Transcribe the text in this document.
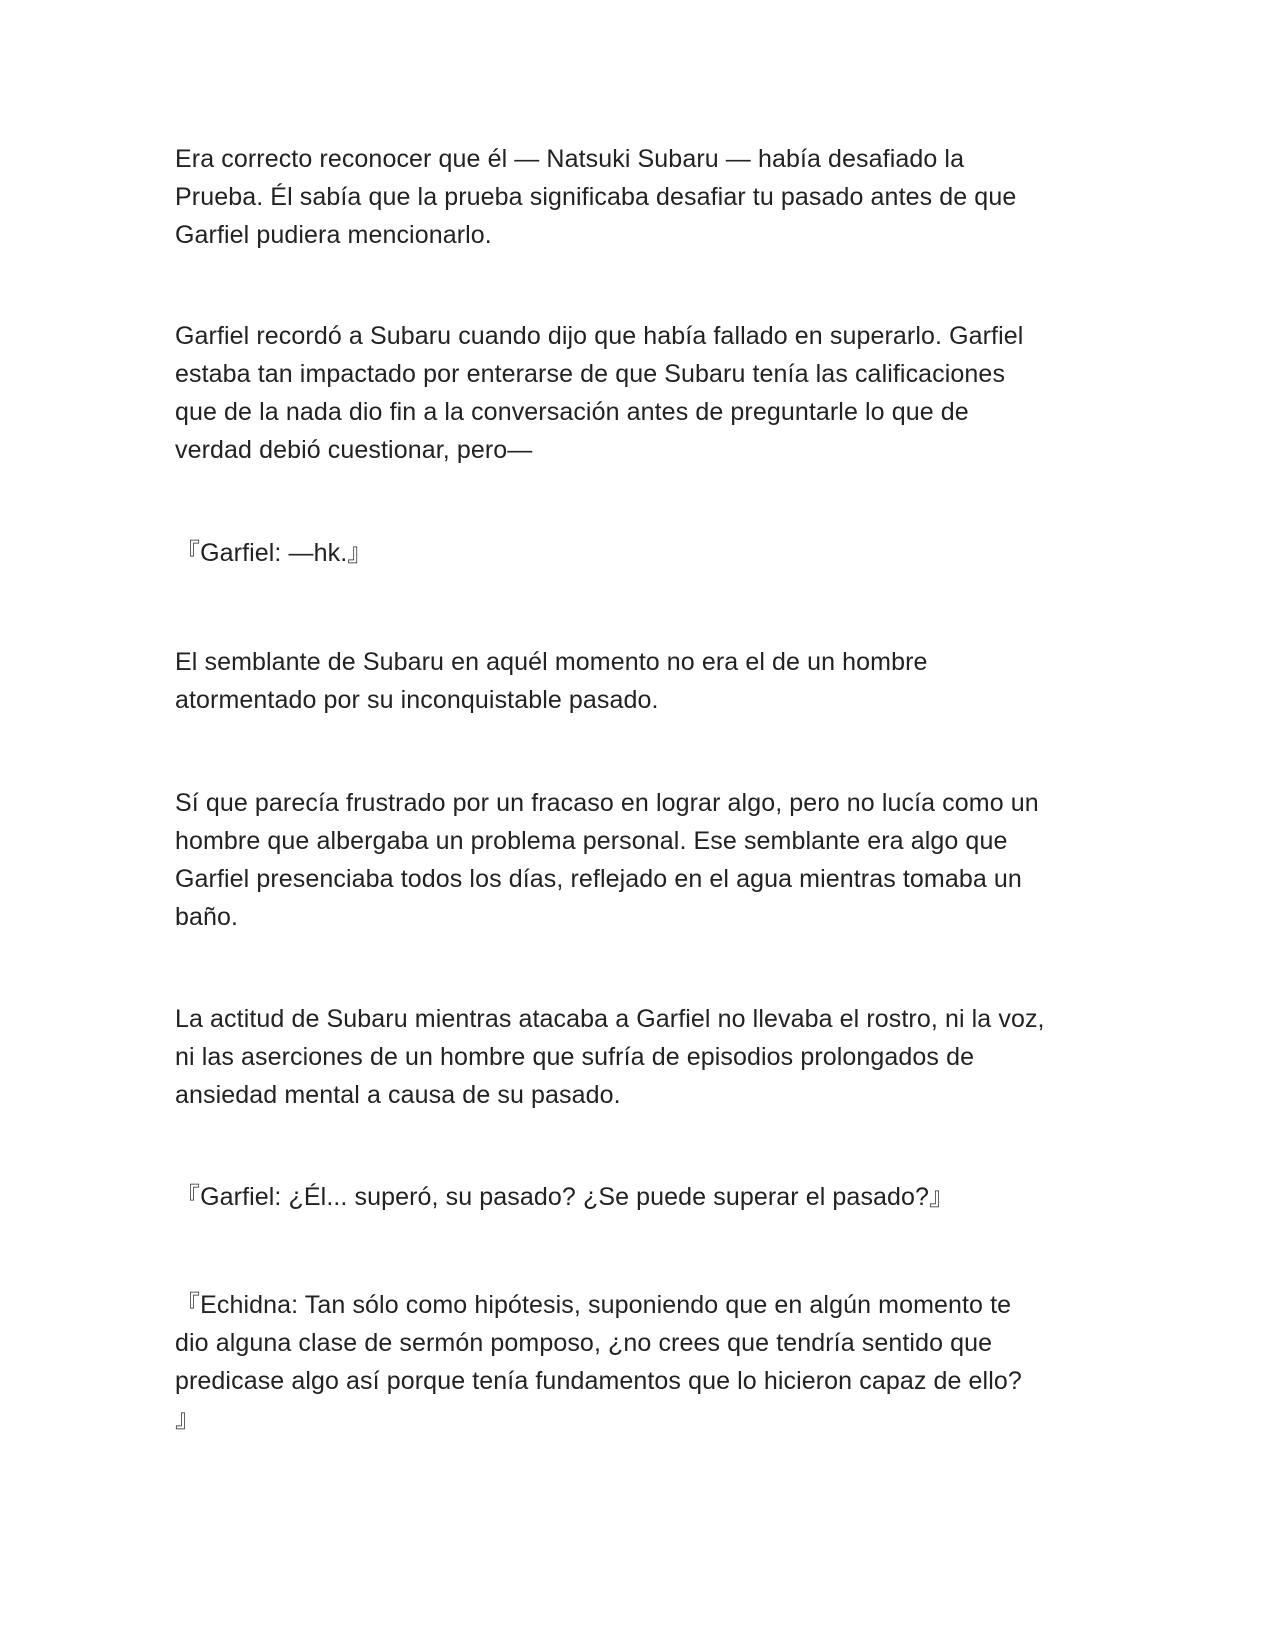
Era correcto reconocer que él — Natsuki Subaru — había desafiado la
Prueba. Él sabía que la prueba significaba desafiar tu pasado antes de que
Garfiel pudiera mencionarlo.

Garfiel recordó a Subaru cuando dijo que había fallado en superarlo. Garfiel
estaba tan impactado por enterarse de que Subaru tenía las calificaciones
que de la nada dio fin a la conversación antes de preguntarle lo que de
verdad debió cuestionar, pero—

『Garfiel: —hk.』

El semblante de Subaru en aquél momento no era el de un hombre
atormentado por su inconquistable pasado.

Sí que parecía frustrado por un fracaso en lograr algo, pero no lucía como un
hombre que albergaba un problema personal. Ese semblante era algo que
Garfiel presenciaba todos los días, reflejado en el agua mientras tomaba un
baño.

La actitud de Subaru mientras atacaba a Garfiel no llevaba el rostro, ni la voz,
ni las aserciones de un hombre que sufría de episodios prolongados de
ansiedad mental a causa de su pasado.

『Garfiel: ¿Él... superó, su pasado? ¿Se puede superar el pasado?』

『Echidna: Tan sólo como hipótesis, suponiendo que en algún momento te
dio alguna clase de sermón pomposo, ¿no crees que tendría sentido que
predicase algo así porque tenía fundamentos que lo hicieron capaz de ello?
』
